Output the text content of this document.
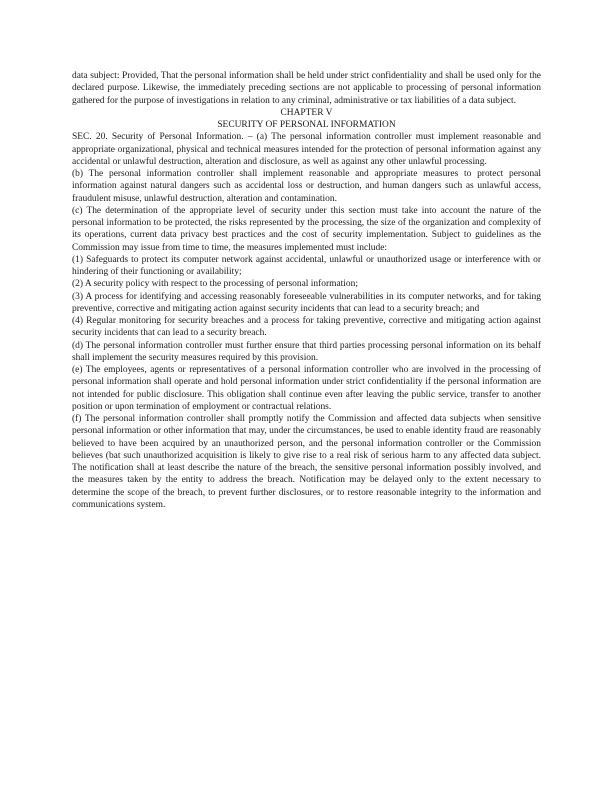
data subject: Provided, That the personal information shall be held under strict confidentiality and shall be used only for the declared purpose. Likewise, the immediately preceding sections are not applicable to processing of personal information gathered for the purpose of investigations in relation to any criminal, administrative or tax liabilities of a data subject.

CHAPTER V

SECURITY OF PERSONAL INFORMATION

SEC. 20. Security of Personal Information. – (a) The personal information controller must implement reasonable and appropriate organizational, physical and technical measures intended for the protection of personal information against any accidental or unlawful destruction, alteration and disclosure, as well as against any other unlawful processing.

(b) The personal information controller shall implement reasonable and appropriate measures to protect personal information against natural dangers such as accidental loss or destruction, and human dangers such as unlawful access, fraudulent misuse, unlawful destruction, alteration and contamination.

(c) The determination of the appropriate level of security under this section must take into account the nature of the personal information to be protected, the risks represented by the processing, the size of the organization and complexity of its operations, current data privacy best practices and the cost of security implementation. Subject to guidelines as the Commission may issue from time to time, the measures implemented must include:

(1) Safeguards to protect its computer network against accidental, unlawful or unauthorized usage or interference with or hindering of their functioning or availability;

(2) A security policy with respect to the processing of personal information;

(3) A process for identifying and accessing reasonably foreseeable vulnerabilities in its computer networks, and for taking preventive, corrective and mitigating action against security incidents that can lead to a security breach; and

(4) Regular monitoring for security breaches and a process for taking preventive, corrective and mitigating action against security incidents that can lead to a security breach.

(d) The personal information controller must further ensure that third parties processing personal information on its behalf shall implement the security measures required by this provision.

(e) The employees, agents or representatives of a personal information controller who are involved in the processing of personal information shall operate and hold personal information under strict confidentiality if the personal information are not intended for public disclosure. This obligation shall continue even after leaving the public service, transfer to another position or upon termination of employment or contractual relations.

(f) The personal information controller shall promptly notify the Commission and affected data subjects when sensitive personal information or other information that may, under the circumstances, be used to enable identity fraud are reasonably believed to have been acquired by an unauthorized person, and the personal information controller or the Commission believes (bat such unauthorized acquisition is likely to give rise to a real risk of serious harm to any affected data subject. The notification shall at least describe the nature of the breach, the sensitive personal information possibly involved, and the measures taken by the entity to address the breach. Notification may be delayed only to the extent necessary to determine the scope of the breach, to prevent further disclosures, or to restore reasonable integrity to the information and communications system.
